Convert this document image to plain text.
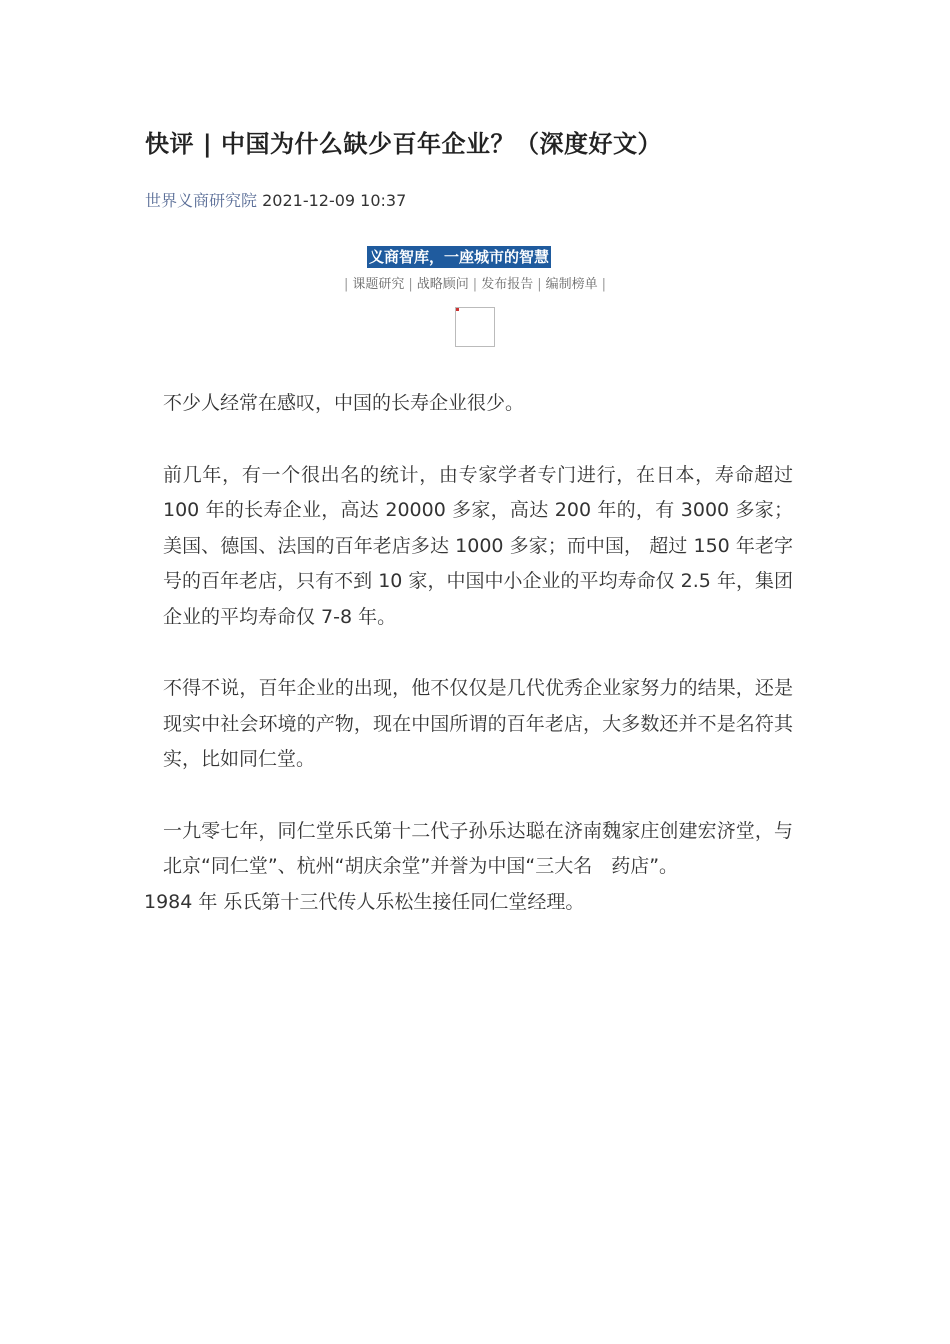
快评 | 中国为什么缺少百年企业？（深度好文）
世界义商研究院 2021-12-09 10:37
义商智库，一座城市的智慧
| 课题研究 | 战略顾问 | 发布报告 | 编制榜单 |

不少人经常在感叹，中国的长寿企业很少。

前几年，有一个很出名的统计，由专家学者专门进行，在日本，寿命超过 100 年的长寿企业，高达 20000 多家，高达 200 年的，有 3000 多家；美国、德国、法国的百年老店多达 1000 多家；而中国， 超过 150 年老字号的百年老店，只有不到 10 家，中国中小企业的平均寿命仅 2.5 年，集团企业的平均寿命仅 7-8 年。

不得不说，百年企业的出现，他不仅仅是几代优秀企业家努力的结果，还是现实中社会环境的产物，现在中国所谓的百年老店，大多数还并不是名符其实，比如同仁堂。

一九零七年，同仁堂乐氏第十二代子孙乐达聪在济南魏家庄创建宏济堂，与北京“同仁堂”、杭州“胡庆余堂”并誉为中国“三大名　药店”。
1984 年 乐氏第十三代传人乐松生接任同仁堂经理。
